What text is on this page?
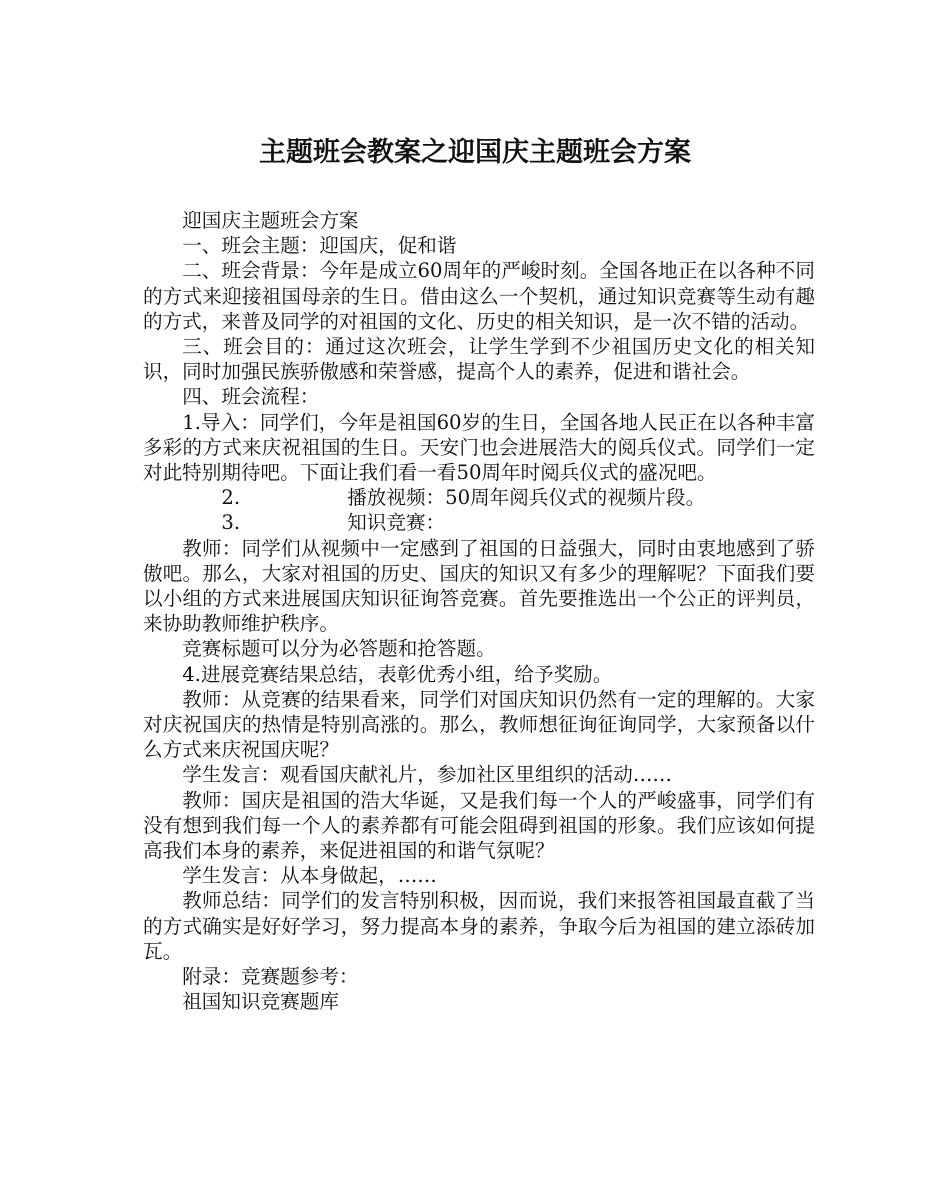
主题班会教案之迎国庆主题班会方案

迎国庆主题班会方案

一、班会主题：迎国庆，促和谐

二、班会背景：今年是成立60周年的严峻时刻。全国各地正在以各种不同的方式来迎接祖国母亲的生日。借由这么一个契机，通过知识竞赛等生动有趣的方式，来普及同学的对祖国的文化、历史的相关知识，是一次不错的活动。

三、班会目的：通过这次班会，让学生学到不少祖国历史文化的相关知识，同时加强民族骄傲感和荣誉感，提高个人的素养，促进和谐社会。

四、班会流程：

1.导入：同学们，今年是祖国60岁的生日，全国各地人民正在以各种丰富多彩的方式来庆祝祖国的生日。天安门也会进展浩大的阅兵仪式。同学们一定对此特别期待吧。下面让我们看一看50周年时阅兵仪式的盛况吧。

2.	播放视频：50周年阅兵仪式的视频片段。

3.	知识竞赛：

教师：同学们从视频中一定感到了祖国的日益强大，同时由衷地感到了骄傲吧。那么，大家对祖国的历史、国庆的知识又有多少的理解呢？下面我们要以小组的方式来进展国庆知识征询答竞赛。首先要推选出一个公正的评判员，来协助教师维护秩序。

竞赛标题可以分为必答题和抢答题。

4.进展竞赛结果总结，表彰优秀小组，给予奖励。

教师：从竞赛的结果看来，同学们对国庆知识仍然有一定的理解的。大家对庆祝国庆的热情是特别高涨的。那么，教师想征询征询同学，大家预备以什么方式来庆祝国庆呢？

学生发言：观看国庆献礼片，参加社区里组织的活动……

教师：国庆是祖国的浩大华诞，又是我们每一个人的严峻盛事，同学们有没有想到我们每一个人的素养都有可能会阻碍到祖国的形象。我们应该如何提高我们本身的素养，来促进祖国的和谐气氛呢？

学生发言：从本身做起，……

教师总结：同学们的发言特别积极，因而说，我们来报答祖国最直截了当的方式确实是好好学习，努力提高本身的素养，争取今后为祖国的建立添砖加瓦。

附录：竞赛题参考：

祖国知识竞赛题库
